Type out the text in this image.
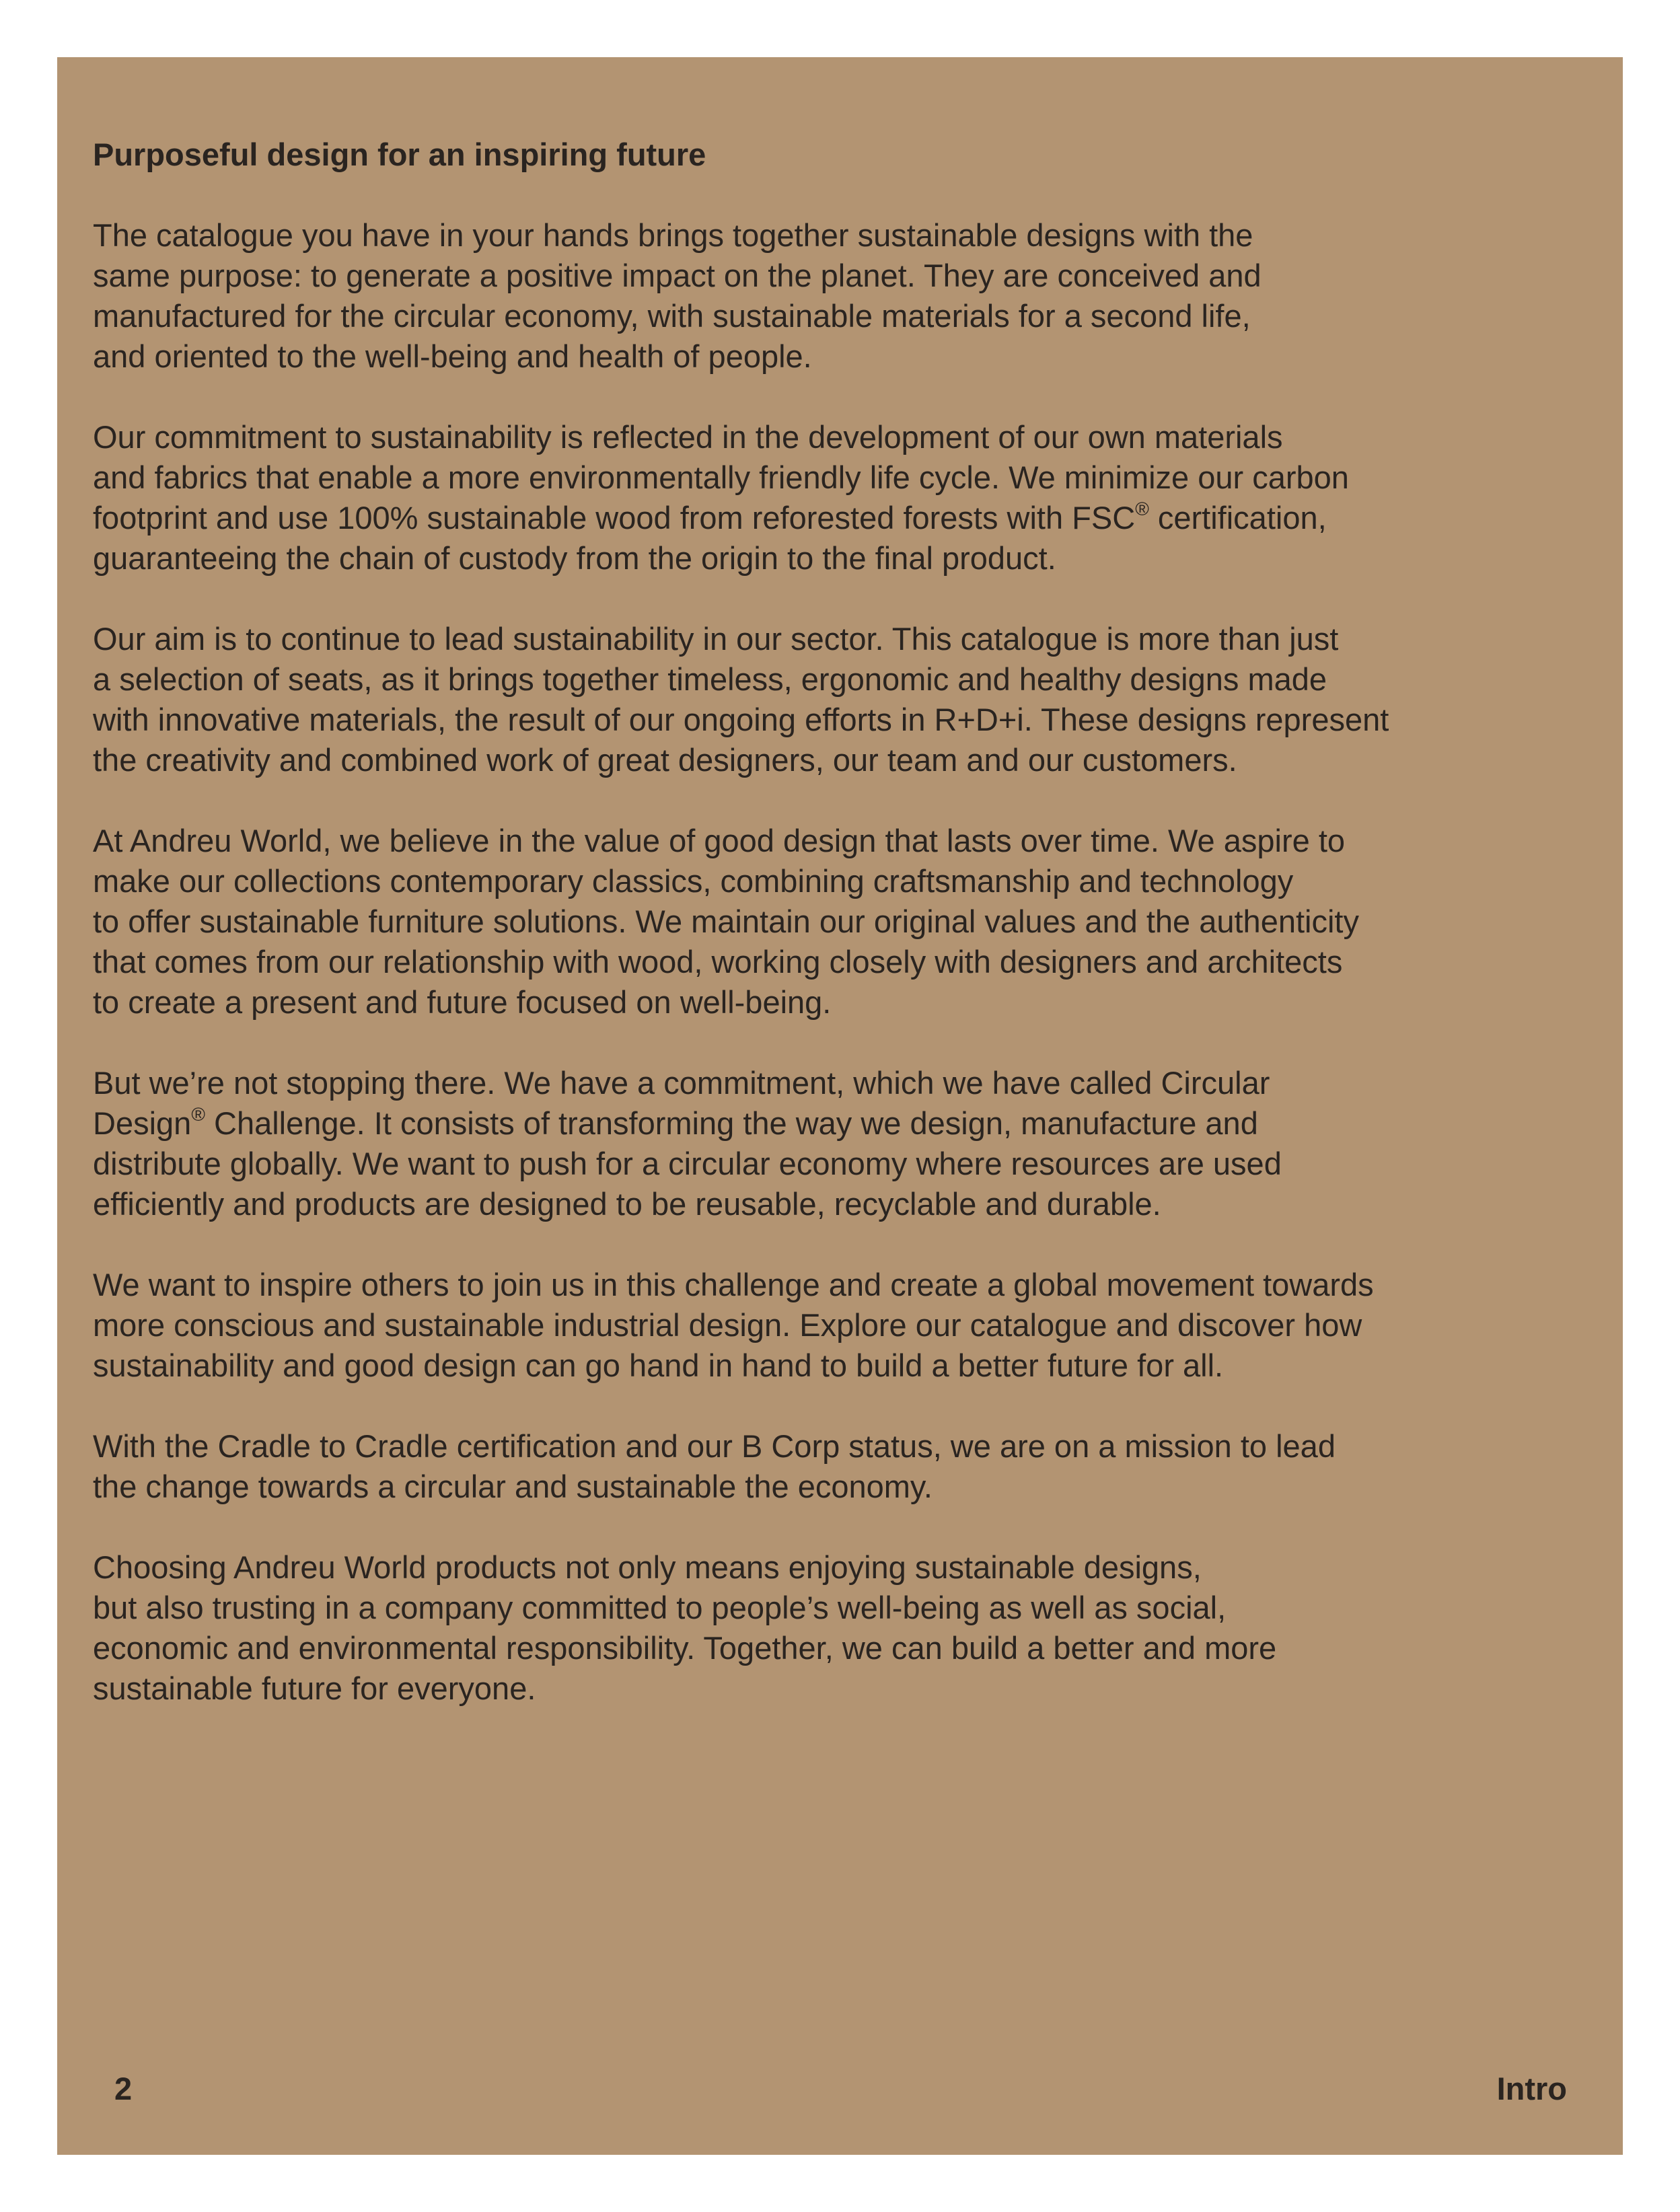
Purposeful design for an inspiring future
The catalogue you have in your hands brings together sustainable designs with the
same purpose: to generate a positive impact on the planet. They are conceived and
manufactured for the circular economy, with sustainable materials for a second life,
and oriented to the well-being and health of people.
Our commitment to sustainability is reflected in the development of our own materials
and fabrics that enable a more environmentally friendly life cycle. We minimize our carbon
footprint and use 100% sustainable wood from reforested forests with FSC® certification,
guaranteeing the chain of custody from the origin to the final product.
Our aim is to continue to lead sustainability in our sector. This catalogue is more than just
a selection of seats, as it brings together timeless, ergonomic and healthy designs made
with innovative materials, the result of our ongoing efforts in R+D+i. These designs represent
the creativity and combined work of great designers, our team and our customers.
At Andreu World, we believe in the value of good design that lasts over time. We aspire to
make our collections contemporary classics, combining craftsmanship and technology
to offer sustainable furniture solutions. We maintain our original values and the authenticity
that comes from our relationship with wood, working closely with designers and architects
to create a present and future focused on well-being.
But we’re not stopping there. We have a commitment, which we have called Circular
Design® Challenge. It consists of transforming the way we design, manufacture and
distribute globally. We want to push for a circular economy where resources are used
efficiently and products are designed to be reusable, recyclable and durable.
We want to inspire others to join us in this challenge and create a global movement towards
more conscious and sustainable industrial design. Explore our catalogue and discover how
sustainability and good design can go hand in hand to build a better future for all.
With the Cradle to Cradle certification and our B Corp status, we are on a mission to lead
the change towards a circular and sustainable the economy.
Choosing Andreu World products not only means enjoying sustainable designs,
but also trusting in a company committed to people’s well-being as well as social,
economic and environmental responsibility. Together, we can build a better and more
sustainable future for everyone.
2	Intro
